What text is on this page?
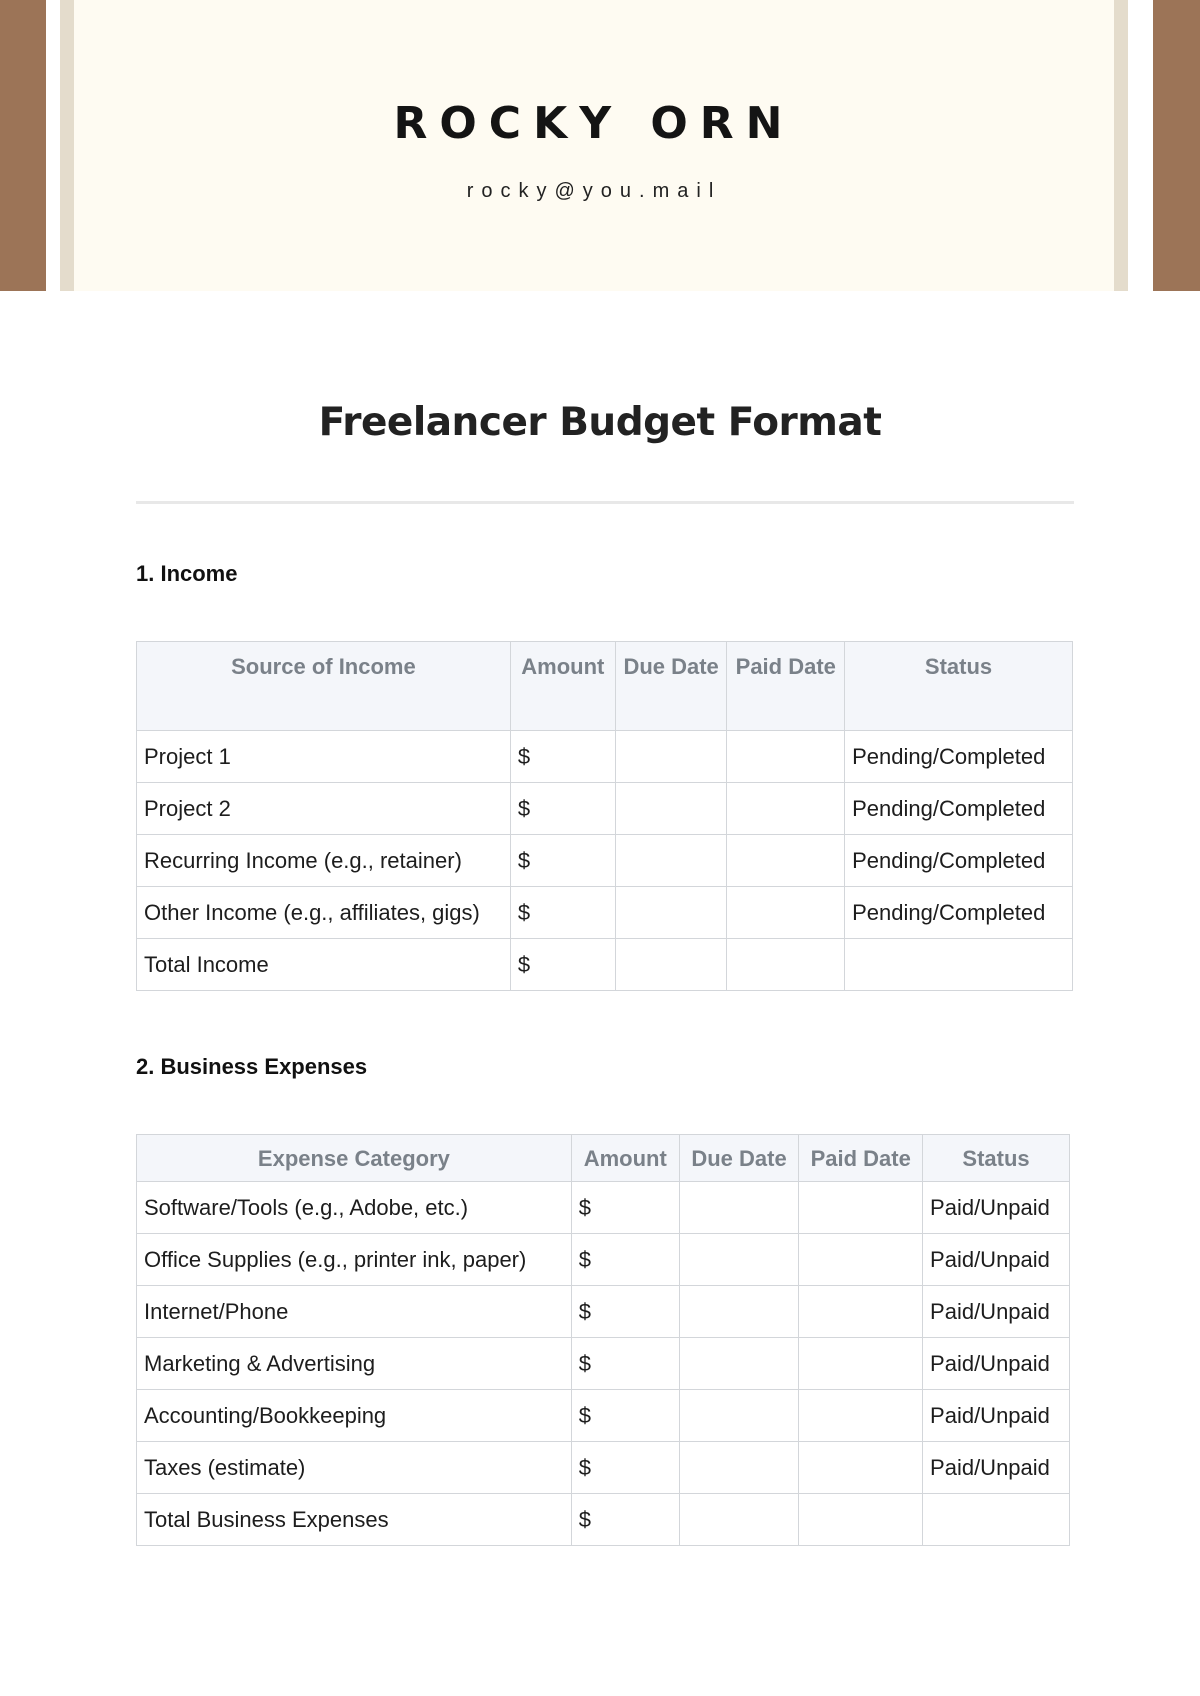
ROCKY ORN
rocky@you.mail
Freelancer Budget Format
1. Income
Source of Income	Amount	Due Date	Paid Date	Status
Project 1	$			Pending/Completed
Project 2	$			Pending/Completed
Recurring Income (e.g., retainer)	$			Pending/Completed
Other Income (e.g., affiliates, gigs)	$			Pending/Completed
Total Income	$			
2. Business Expenses
Expense Category	Amount	Due Date	Paid Date	Status
Software/Tools (e.g., Adobe, etc.)	$			Paid/Unpaid
Office Supplies (e.g., printer ink, paper)	$			Paid/Unpaid
Internet/Phone	$			Paid/Unpaid
Marketing & Advertising	$			Paid/Unpaid
Accounting/Bookkeeping	$			Paid/Unpaid
Taxes (estimate)	$			Paid/Unpaid
Total Business Expenses	$			
